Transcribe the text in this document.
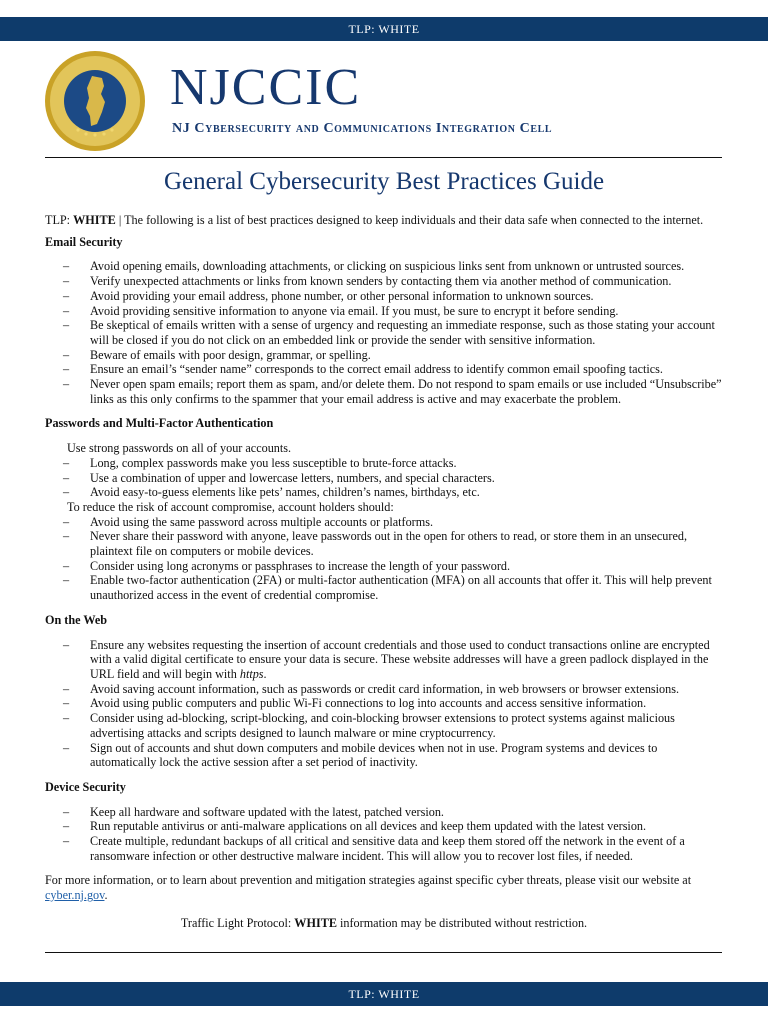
TLP: WHITE
NJCCIC
NJ Cybersecurity and Communications Integration Cell
General Cybersecurity Best Practices Guide

TLP: WHITE | The following is a list of best practices designed to keep individuals and their data safe when connected to the internet.

Email Security
– Avoid opening emails, downloading attachments, or clicking on suspicious links sent from unknown or untrusted sources.
– Verify unexpected attachments or links from known senders by contacting them via another method of communication.
– Avoid providing your email address, phone number, or other personal information to unknown sources.
– Avoid providing sensitive information to anyone via email. If you must, be sure to encrypt it before sending.
– Be skeptical of emails written with a sense of urgency and requesting an immediate response, such as those stating your account will be closed if you do not click on an embedded link or provide the sender with sensitive information.
– Beware of emails with poor design, grammar, or spelling.
– Ensure an email’s “sender name” corresponds to the correct email address to identify common email spoofing tactics.
– Never open spam emails; report them as spam, and/or delete them. Do not respond to spam emails or use included “Unsubscribe” links as this only confirms to the spammer that your email address is active and may exacerbate the problem.
Passwords and Multi-Factor Authentication
Use strong passwords on all of your accounts.
– Long, complex passwords make you less susceptible to brute-force attacks.
– Use a combination of upper and lowercase letters, numbers, and special characters.
– Avoid easy-to-guess elements like pets’ names, children’s names, birthdays, etc.
To reduce the risk of account compromise, account holders should:
– Avoid using the same password across multiple accounts or platforms.
– Never share their password with anyone, leave passwords out in the open for others to read, or store them in an unsecured, plaintext file on computers or mobile devices.
– Consider using long acronyms or passphrases to increase the length of your password.
– Enable two-factor authentication (2FA) or multi-factor authentication (MFA) on all accounts that offer it. This will help prevent unauthorized access in the event of credential compromise.
On the Web
– Ensure any websites requesting the insertion of account credentials and those used to conduct transactions online are encrypted with a valid digital certificate to ensure your data is secure. These website addresses will have a green padlock displayed in the URL field and will begin with https.
– Avoid saving account information, such as passwords or credit card information, in web browsers or browser extensions.
– Avoid using public computers and public Wi-Fi connections to log into accounts and access sensitive information.
– Consider using ad-blocking, script-blocking, and coin-blocking browser extensions to protect systems against malicious advertising attacks and scripts designed to launch malware or mine cryptocurrency.
– Sign out of accounts and shut down computers and mobile devices when not in use. Program systems and devices to automatically lock the active session after a set period of inactivity.
Device Security
– Keep all hardware and software updated with the latest, patched version.
– Run reputable antivirus or anti-malware applications on all devices and keep them updated with the latest version.
– Create multiple, redundant backups of all critical and sensitive data and keep them stored off the network in the event of a ransomware infection or other destructive malware incident. This will allow you to recover lost files, if needed.

For more information, or to learn about prevention and mitigation strategies against specific cyber threats, please visit our website at cyber.nj.gov.

Traffic Light Protocol: WHITE information may be distributed without restriction.
TLP: WHITE
